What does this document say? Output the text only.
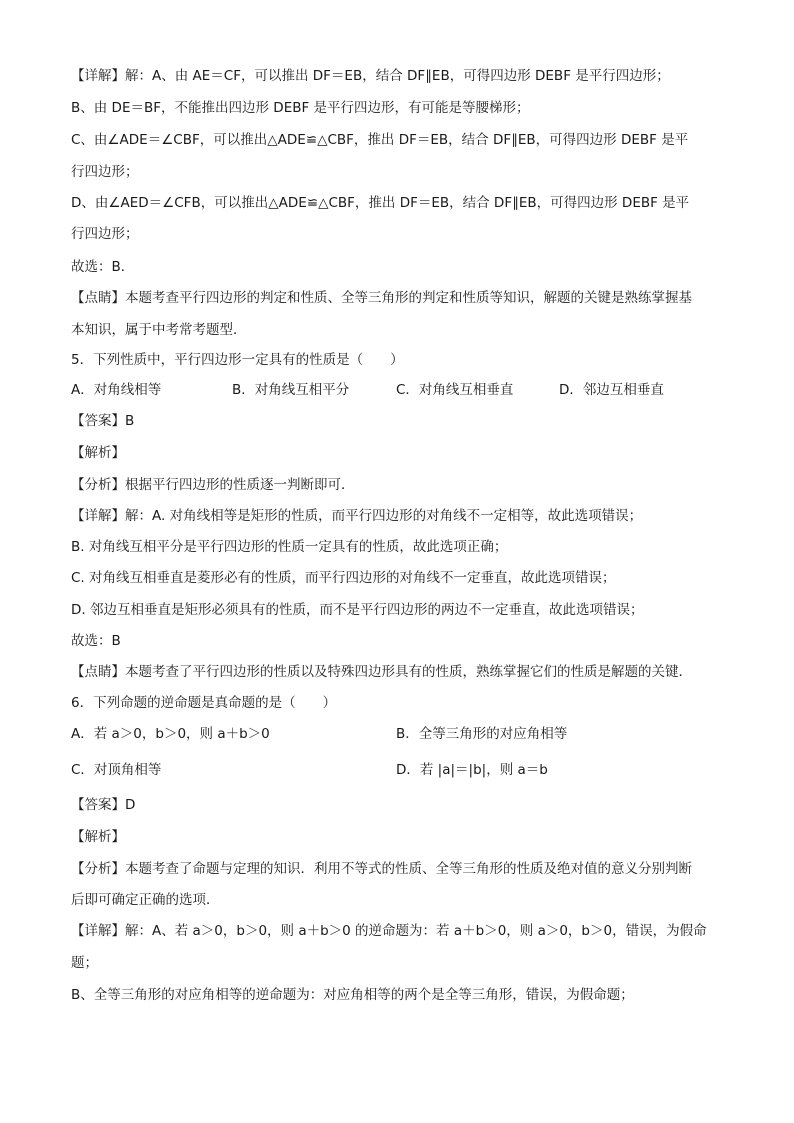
【详解】解：A、由 AE＝CF，可以推出 DF＝EB，结合 DF∥EB，可得四边形 DEBF 是平行四边形；
B、由 DE＝BF，不能推出四边形 DEBF 是平行四边形，有可能是等腰梯形；
C、由∠ADE＝∠CBF，可以推出△ADE≌△CBF，推出 DF＝EB，结合 DF∥EB，可得四边形 DEBF 是平
行四边形；
D、由∠AED＝∠CFB，可以推出△ADE≌△CBF，推出 DF＝EB，结合 DF∥EB，可得四边形 DEBF 是平
行四边形；
故选：B．
【点睛】本题考查平行四边形的判定和性质、全等三角形的判定和性质等知识，解题的关键是熟练掌握基
本知识，属于中考常考题型．
5．下列性质中，平行四边形一定具有的性质是（　　）
A．对角线相等	B．对角线互相平分	C．对角线互相垂直	D．邻边互相垂直
【答案】B
【解析】
【分析】根据平行四边形的性质逐一判断即可．
【详解】解：A. 对角线相等是矩形的性质，而平行四边形的对角线不一定相等，故此选项错误；
B. 对角线互相平分是平行四边形的性质一定具有的性质，故此选项正确；
C. 对角线互相垂直是菱形必有的性质，而平行四边形的对角线不一定垂直，故此选项错误；
D. 邻边互相垂直是矩形必须具有的性质，而不是平行四边形的两边不一定垂直，故此选项错误；
故选：B
【点睛】本题考查了平行四边形的性质以及特殊四边形具有的性质，熟练掌握它们的性质是解题的关键．
6．下列命题的逆命题是真命题的是（　　）
A．若 a＞0，b＞0，则 a＋b＞0	B．全等三角形的对应角相等
C．对顶角相等	D．若 |a|＝|b|，则 a＝b
【答案】D
【解析】
【分析】本题考查了命题与定理的知识．利用不等式的性质、全等三角形的性质及绝对值的意义分别判断
后即可确定正确的选项．
【详解】解：A、若 a＞0，b＞0，则 a＋b＞0 的逆命题为：若 a＋b＞0，则 a＞0，b＞0，错误，为假命
题；
B、全等三角形的对应角相等的逆命题为：对应角相等的两个是全等三角形，错误，为假命题；
